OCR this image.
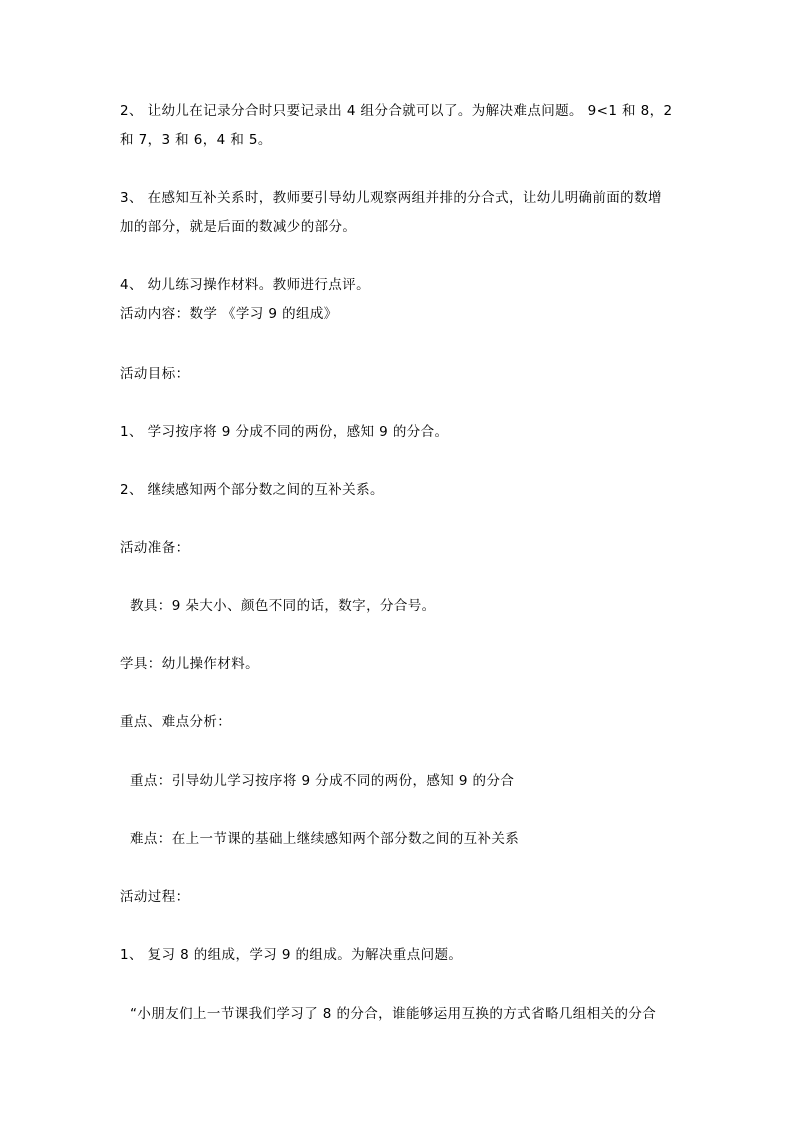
2、 让幼儿在记录分合时只要记录出 4 组分合就可以了。为解决难点问题。 9<1 和 8，2
和 7，3 和 6，4 和 5。
3、 在感知互补关系时，教师要引导幼儿观察两组并排的分合式，让幼儿明确前面的数增
加的部分，就是后面的数减少的部分。
4、 幼儿练习操作材料。教师进行点评。
活动内容：数学 《学习 9 的组成》
活动目标：
1、 学习按序将 9 分成不同的两份，感知 9 的分合。
2、 继续感知两个部分数之间的互补关系。
活动准备：
教具：9 朵大小、颜色不同的话，数字，分合号。
学具：幼儿操作材料。
重点、难点分析：
重点：引导幼儿学习按序将 9 分成不同的两份，感知 9 的分合
难点：在上一节课的基础上继续感知两个部分数之间的互补关系
活动过程：
1、 复习 8 的组成，学习 9 的组成。为解决重点问题。
“小朋友们上一节课我们学习了 8 的分合，谁能够运用互换的方式省略几组相关的分合
